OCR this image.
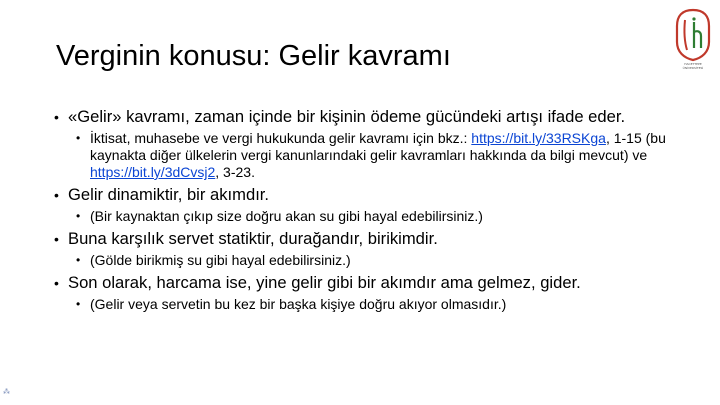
Verginin konusu: Gelir kavramı	HACETTEPE
ÜNİVERSİTESİ
• «Gelir» kavramı, zaman içinde bir kişinin ödeme gücündeki artışı ifade eder.
• İktisat, muhasebe ve vergi hukukunda gelir kavramı için bkz.: https://bit.ly/33RSKga, 1-15 (bu kaynakta diğer ülkelerin vergi kanunlarındaki gelir kavramları hakkında da bilgi mevcut) ve https://bit.ly/3dCvsj2, 3-23.
• Gelir dinamiktir, bir akımdır.
• (Bir kaynaktan çıkıp size doğru akan su gibi hayal edebilirsiniz.)
• Buna karşılık servet statiktir, durağandır, birikimdir.
• (Gölde birikmiş su gibi hayal edebilirsiniz.)
• Son olarak, harcama ise, yine gelir gibi bir akımdır ama gelmez, gider.
• (Gelir veya servetin bu kez bir başka kişiye doğru akıyor olmasıdır.)
⁂
